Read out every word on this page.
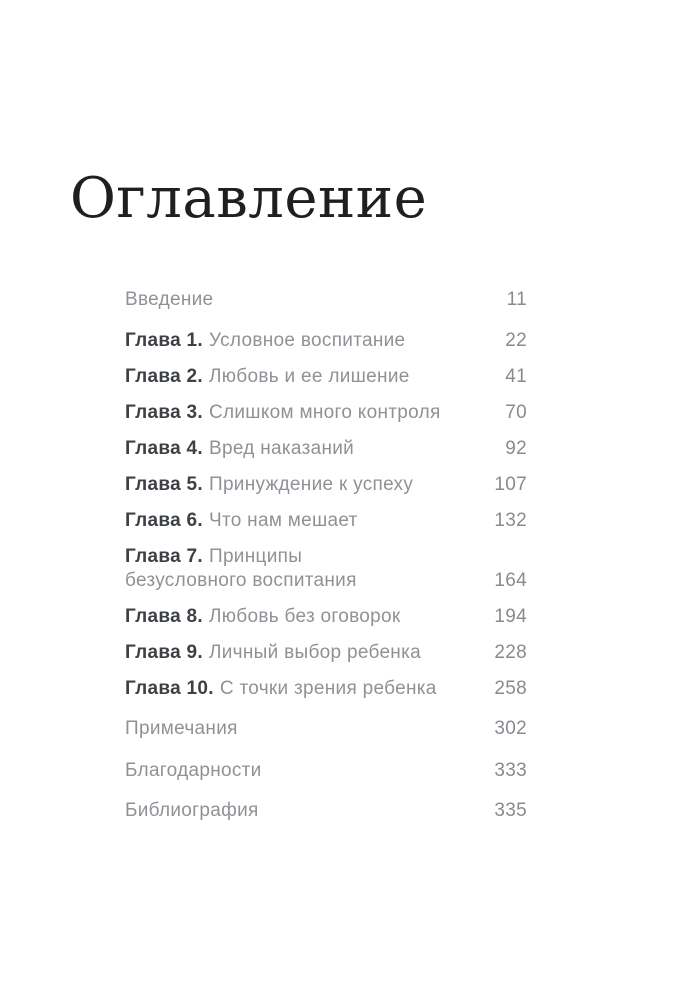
Оглавление
Введение	11
Глава 1. Условное воспитание	22
Глава 2. Любовь и ее лишение	41
Глава 3. Слишком много контроля	70
Глава 4. Вред наказаний	92
Глава 5. Принуждение к успеху	107
Глава 6. Что нам мешает	132
Глава 7. Принципы
безусловного воспитания	164
Глава 8. Любовь без оговорок	194
Глава 9. Личный выбор ребенка	228
Глава 10. С точки зрения ребенка	258
Примечания	302
Благодарности	333
Библиография	335
